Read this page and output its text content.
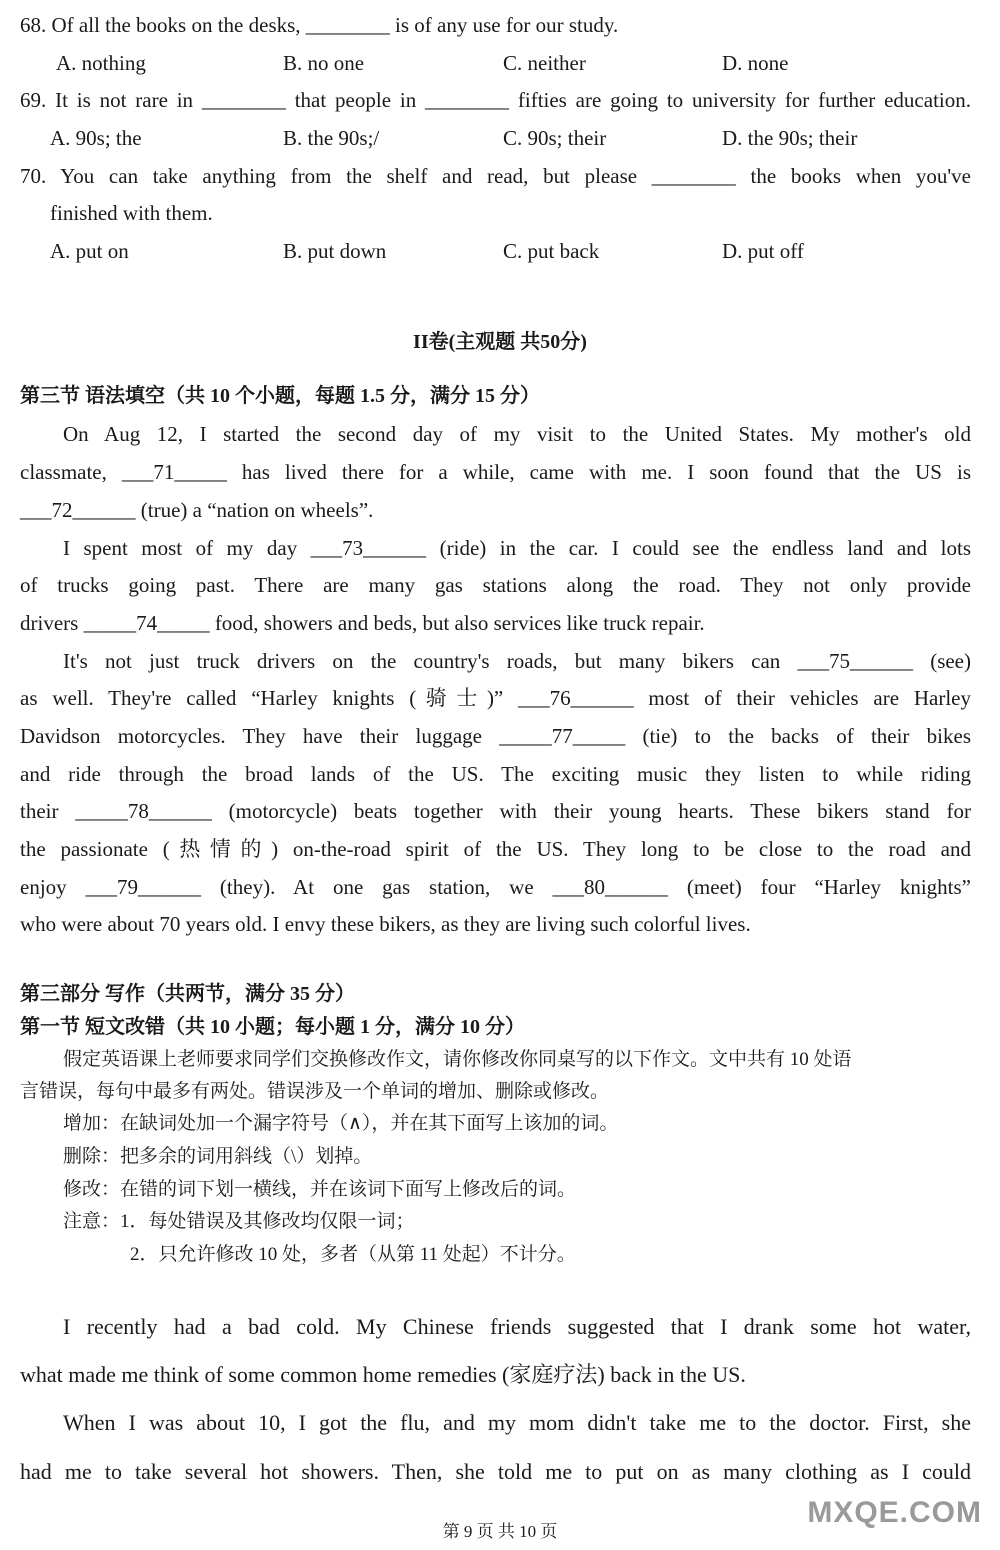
68. Of all the books on the desks, ________ is of any use for our study.
A. nothing	B. no one	C. neither	D. none
69. It is not rare in ________ that people in ________ fifties are going to university for further education.
A. 90s; the	B. the 90s;/	C. 90s; their	D. the 90s; their
70. You can take anything from the shelf and read, but please ________ the books when you've
finished with them.
A. put on	B. put down	C. put back	D. put off
II卷(主观题 共50分)
第三节 语法填空（共 10 个小题，每题 1.5 分，满分 15 分）
On Aug 12, I started the second day of my visit to the United States. My mother's old
classmate, ___71_____ has lived there for a while, came with me. I soon found that the US is
___72______ (true) a “nation on wheels”.
I spent most of my day ___73______ (ride) in the car. I could see the endless land and lots
of trucks going past. There are many gas stations along the road. They not only provide
drivers _____74_____ food, showers and beds, but also services like truck repair.
It's not just truck drivers on the country's roads, but many bikers can ___75______ (see)
as well. They're called “Harley knights (骑士)” ___76______ most of their vehicles are Harley
Davidson motorcycles. They have their luggage _____77_____ (tie) to the backs of their bikes
and ride through the broad lands of the US. The exciting music they listen to while riding
their _____78______ (motorcycle) beats together with their young hearts. These bikers stand for
the passionate (热情的) on-the-road spirit of the US. They long to be close to the road and
enjoy ___79______ (they). At one gas station, we ___80______ (meet) four “Harley knights”
who were about 70 years old. I envy these bikers, as they are living such colorful lives.
第三部分 写作（共两节，满分 35 分）
第一节 短文改错（共 10 小题；每小题 1 分，满分 10 分）
假定英语课上老师要求同学们交换修改作文，请你修改你同桌写的以下作文。文中共有 10 处语
言错误，每句中最多有两处。错误涉及一个单词的增加、删除或修改。
增加：在缺词处加一个漏字符号（∧），并在其下面写上该加的词。
删除：把多余的词用斜线（\）划掉。
修改：在错的词下划一横线，并在该词下面写上修改后的词。
注意：1．每处错误及其修改均仅限一词；
2．只允许修改 10 处，多者（从第 11 处起）不计分。
I recently had a bad cold. My Chinese friends suggested that I drank some hot water,
what made me think of some common home remedies (家庭疗法) back in the US.
When I was about 10, I got the flu, and my mom didn't take me to the doctor. First, she
had me to take several hot showers. Then, she told me to put on as many clothing as I could
第 9 页 共 10 页
MXQE.COM
